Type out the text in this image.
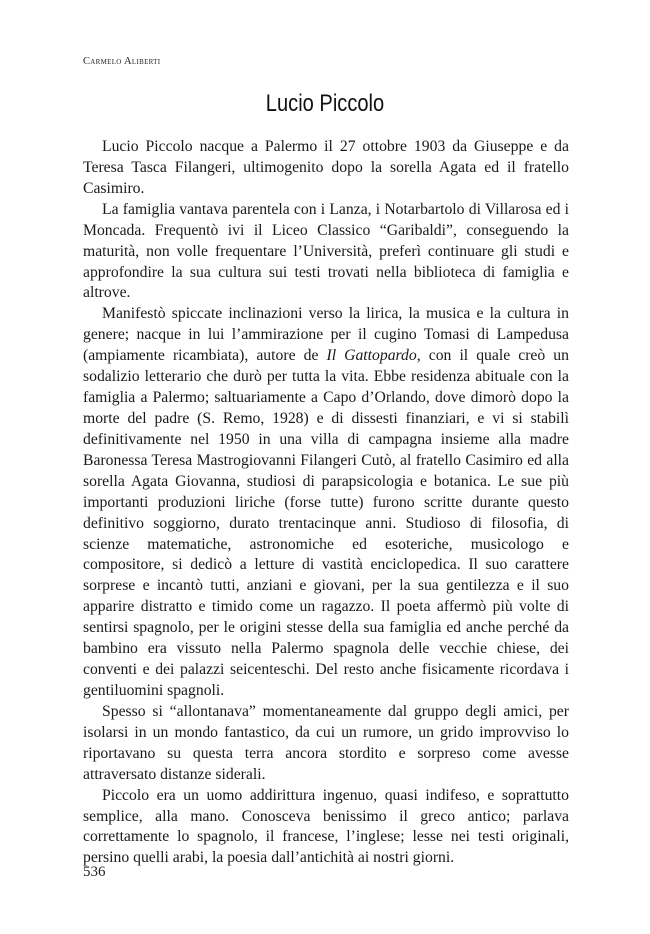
Carmelo Aliberti
Lucio Piccolo

Lucio Piccolo nacque a Palermo il 27 ottobre 1903 da Giuseppe e da Teresa Tasca Filangeri, ultimogenito dopo la sorella Agata ed il fratello Casimiro.

La famiglia vantava parentela con i Lanza, i Notarbartolo di Villarosa ed i Moncada. Frequentò ivi il Liceo Classico “Garibaldi”, conseguendo la maturità, non volle frequentare l’Università, preferì continuare gli studi e approfondire la sua cultura sui testi trovati nella biblioteca di famiglia e altrove.

Manifestò spiccate inclinazioni verso la lirica, la musica e la cultura in genere; nacque in lui l’ammirazione per il cugino Tomasi di Lampedusa (ampiamente ricambiata), autore de Il Gattopardo, con il quale creò un sodalizio letterario che durò per tutta la vita. Ebbe residenza abituale con la famiglia a Palermo; saltuariamente a Capo d’Orlando, dove dimorò dopo la morte del padre (S. Remo, 1928) e di dissesti finanziari, e vi si stabilì definitivamente nel 1950 in una villa di campagna insieme alla madre Baronessa Teresa Mastrogiovanni Filangeri Cutò, al fratello Casimiro ed alla sorella Agata Giovanna, studiosi di parapsicologia e botanica. Le sue più importanti produzioni liriche (forse tutte) furono scritte durante questo definitivo soggiorno, durato trentacinque anni. Studioso di filosofia, di scienze matematiche, astronomiche ed esoteriche, musicologo e compositore, si dedicò a letture di vastità enciclopedica. Il suo carattere sorprese e incantò tutti, anziani e giovani, per la sua gentilezza e il suo apparire distratto e timido come un ragazzo. Il poeta affermò più volte di sentirsi spagnolo, per le origini stesse della sua famiglia ed anche perché da bambino era vissuto nella Palermo spagnola delle vecchie chiese, dei conventi e dei palazzi seicenteschi. Del resto anche fisicamente ricordava i gentiluomini spagnoli.

Spesso si “allontanava” momentaneamente dal gruppo degli amici, per isolarsi in un mondo fantastico, da cui un rumore, un grido improvviso lo riportavano su questa terra ancora stordito e sorpreso come avesse attraversato distanze siderali.

Piccolo era un uomo addirittura ingenuo, quasi indifeso, e soprattutto semplice, alla mano. Conosceva benissimo il greco antico; parlava correttamente lo spagnolo, il francese, l’inglese; lesse nei testi originali, persino quelli arabi, la poesia dall’antichità ai nostri giorni.

536
